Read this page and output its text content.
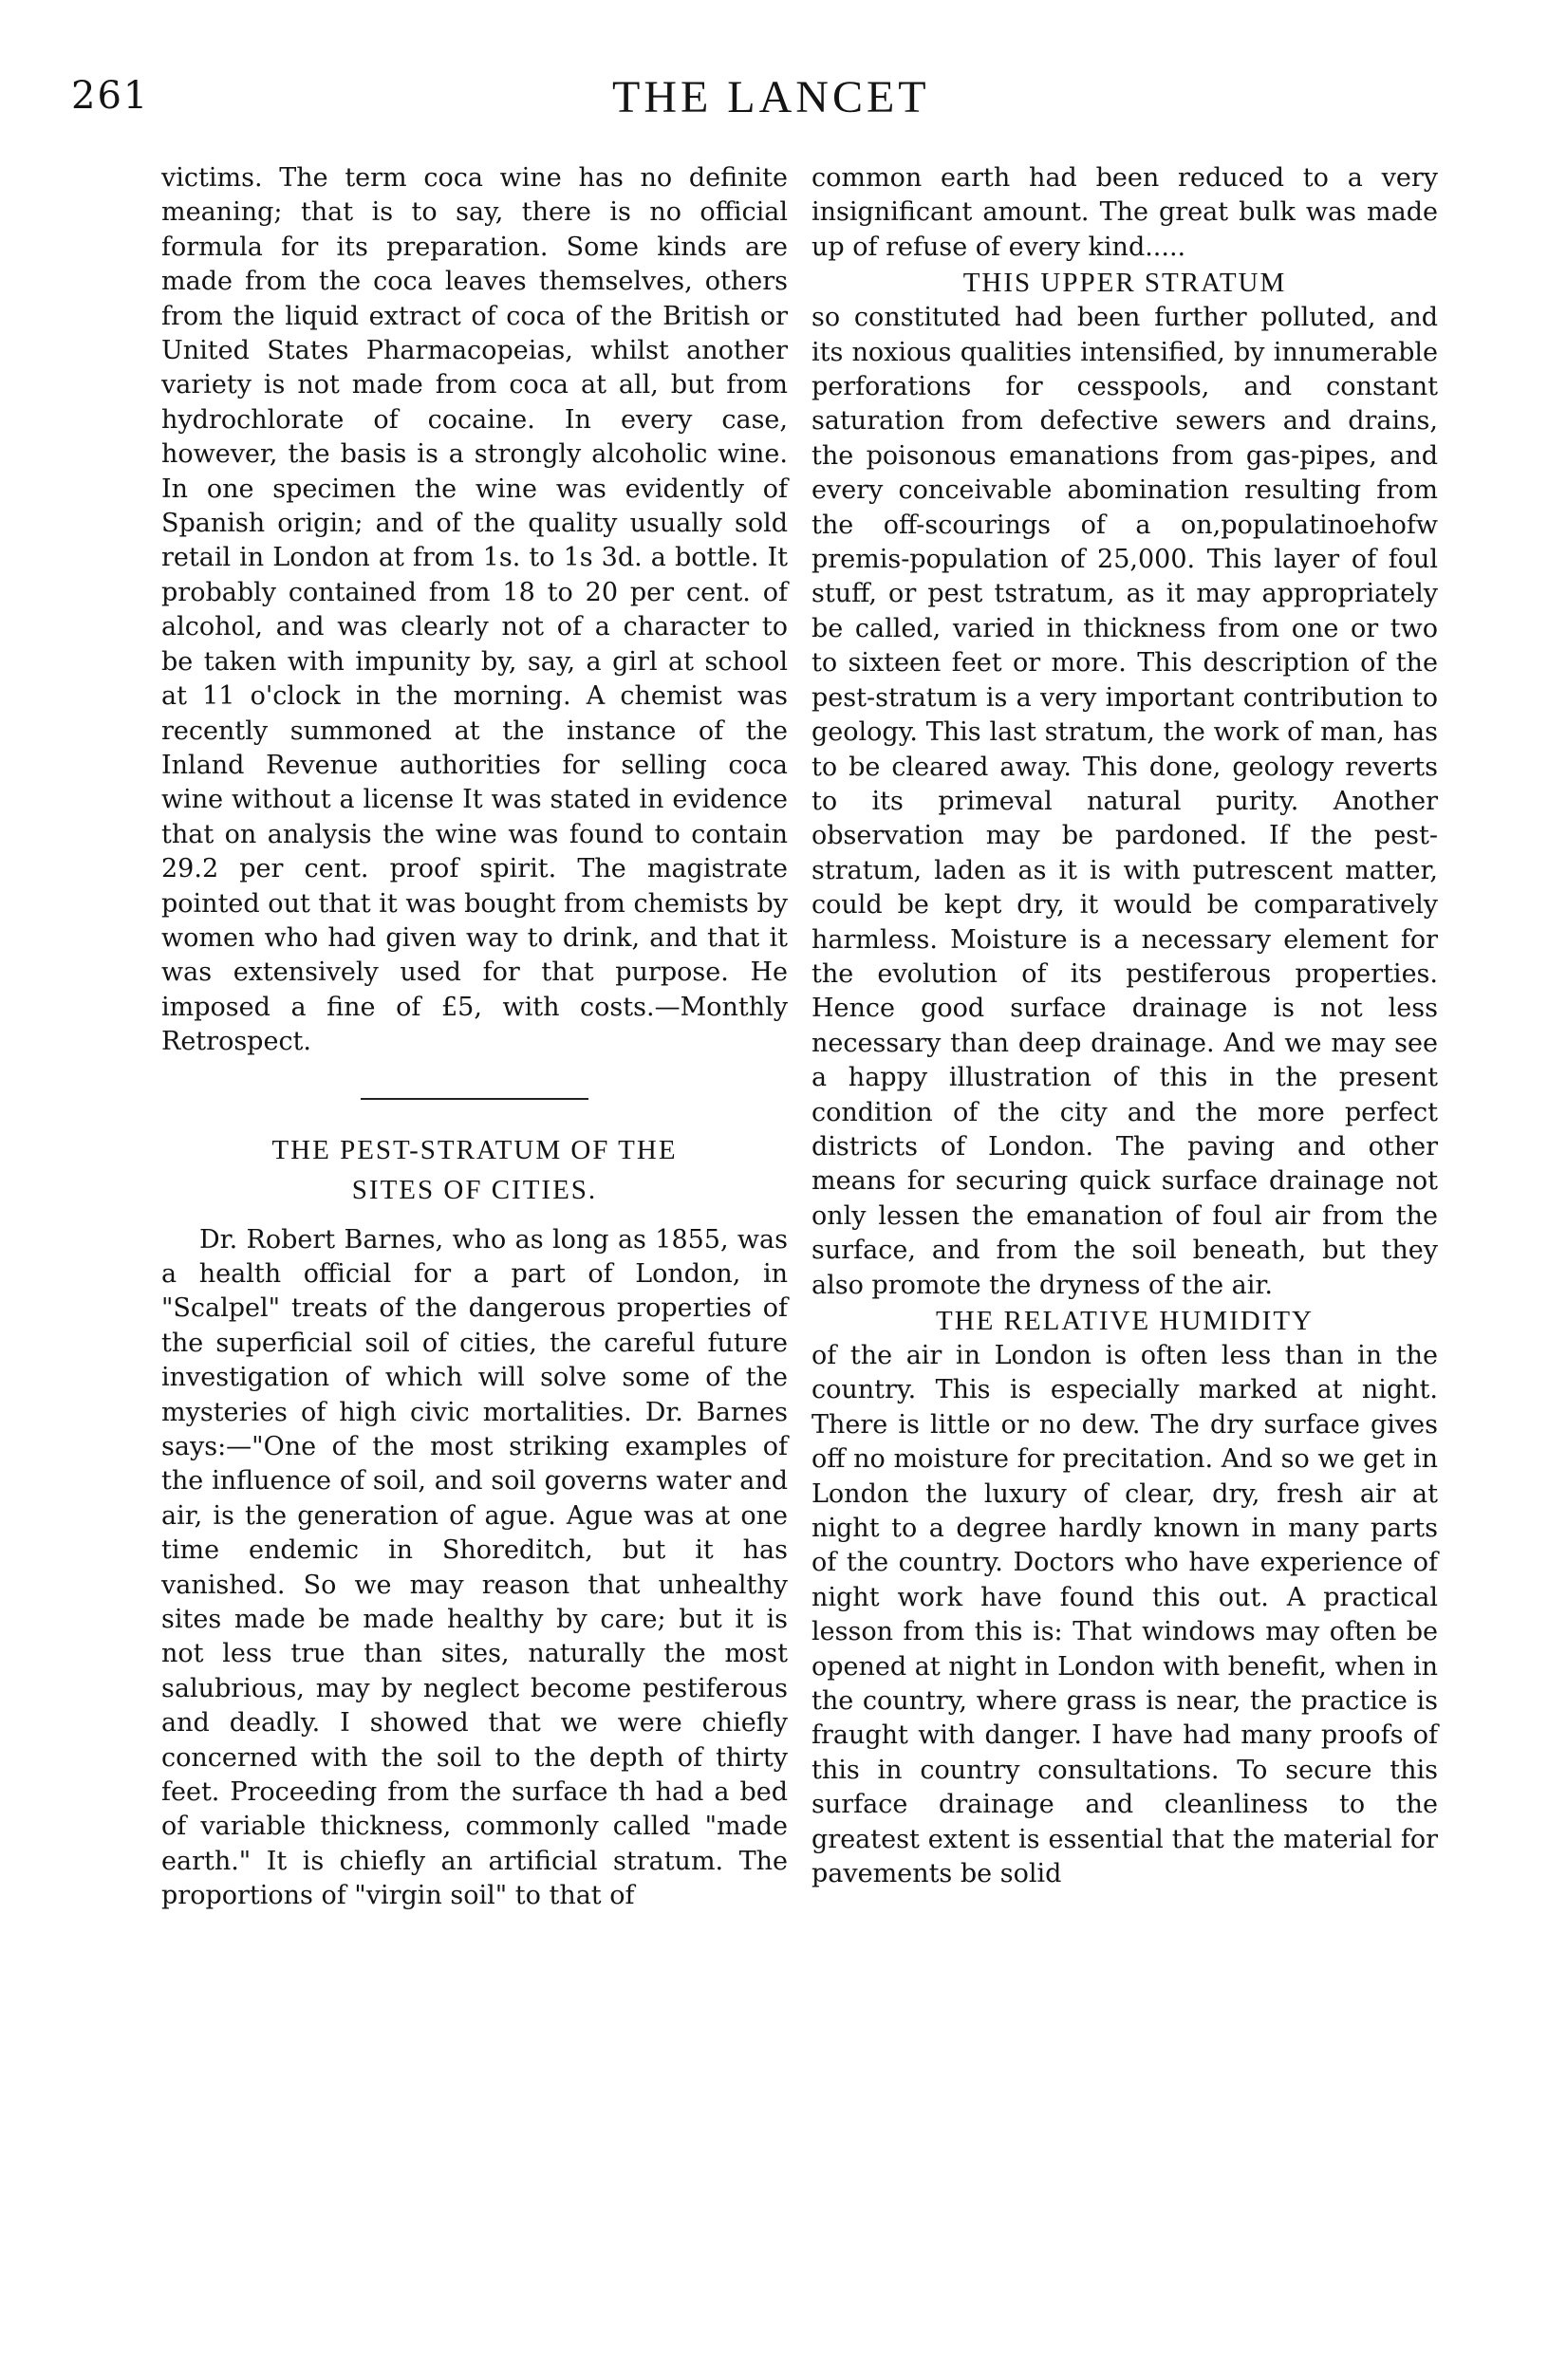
261	THE LANCET

victims. The term coca wine has no definite meaning; that is to say, there is no official formula for its preparation. Some kinds are made from the coca leaves themselves, others from the liquid extract of coca of the British or United States Pharmacopeias, whilst another variety is not made from coca at all, but from hydrochlorate of cocaine. In every case, however, the basis is a strongly alcoholic wine. In one specimen the wine was evidently of Spanish origin; and of the quality usually sold retail in London at from 1s. to 1s 3d. a bottle. It probably contained from 18 to 20 per cent. of alcohol, and was clearly not of a character to be taken with impunity by, say, a girl at school at 11 o'clock in the morning. A chemist was recently summoned at the instance of the Inland Revenue authorities for selling coca wine without a license It was stated in evidence that on analysis the wine was found to contain 29.2 per cent. proof spirit. The magistrate pointed out that it was bought from chemists by women who had given way to drink, and that it was extensively used for that purpose. He imposed a fine of £5, with costs.—Monthly Retrospect.

THE PEST-STRATUM OF THE
SITES OF CITIES.

Dr. Robert Barnes, who as long as 1855, was a health official for a part of London, in "Scalpel" treats of the dangerous properties of the superficial soil of cities, the careful future investigation of which will solve some of the mysteries of high civic mortalities. Dr. Barnes says:—"One of the most striking examples of the influence of soil, and soil governs water and air, is the generation of ague. Ague was at one time endemic in Shoreditch, but it has vanished. So we may reason that unhealthy sites made be made healthy by care; but it is not less true than sites, naturally the most salubrious, may by neglect become pestiferous and deadly. I showed that we were chiefly concerned with the soil to the depth of thirty feet. Proceeding from the surface th had a bed of variable thickness, commonly called "made earth." It is chiefly an artificial stratum. The proportions of "virgin soil" to that of

common earth had been reduced to a very insignificant amount. The great bulk was made up of refuse of every kind.....

THIS UPPER STRATUM

so constituted had been further polluted, and its noxious qualities intensified, by innumerable perforations for cesspools, and constant saturation from defective sewers and drains, the poisonous emanations from gas-pipes, and every conceivable abomination resulting from the off-scourings of a on,populatinoehofw premis-population of 25,000. This layer of foul stuff, or pest tstratum, as it may appropriately be called, varied in thickness from one or two to sixteen feet or more. This description of the pest-stratum is a very important contribution to geology. This last stratum, the work of man, has to be cleared away. This done, geology reverts to its primeval natural purity. Another observation may be pardoned. If the pest-stratum, laden as it is with putrescent matter, could be kept dry, it would be comparatively harmless. Moisture is a necessary element for the evolution of its pestiferous properties. Hence good surface drainage is not less necessary than deep drainage. And we may see a happy illustration of this in the present condition of the city and the more perfect districts of London. The paving and other means for securing quick surface drainage not only lessen the emanation of foul air from the surface, and from the soil beneath, but they also promote the dryness of the air.

THE RELATIVE HUMIDITY

of the air in London is often less than in the country. This is especially marked at night. There is little or no dew. The dry surface gives off no moisture for precitation. And so we get in London the luxury of clear, dry, fresh air at night to a degree hardly known in many parts of the country. Doctors who have experience of night work have found this out. A practical lesson from this is: That windows may often be opened at night in London with benefit, when in the country, where grass is near, the practice is fraught with danger. I have had many proofs of this in country consultations. To secure this surface drainage and cleanliness to the greatest extent is essential that the material for pavements be solid
